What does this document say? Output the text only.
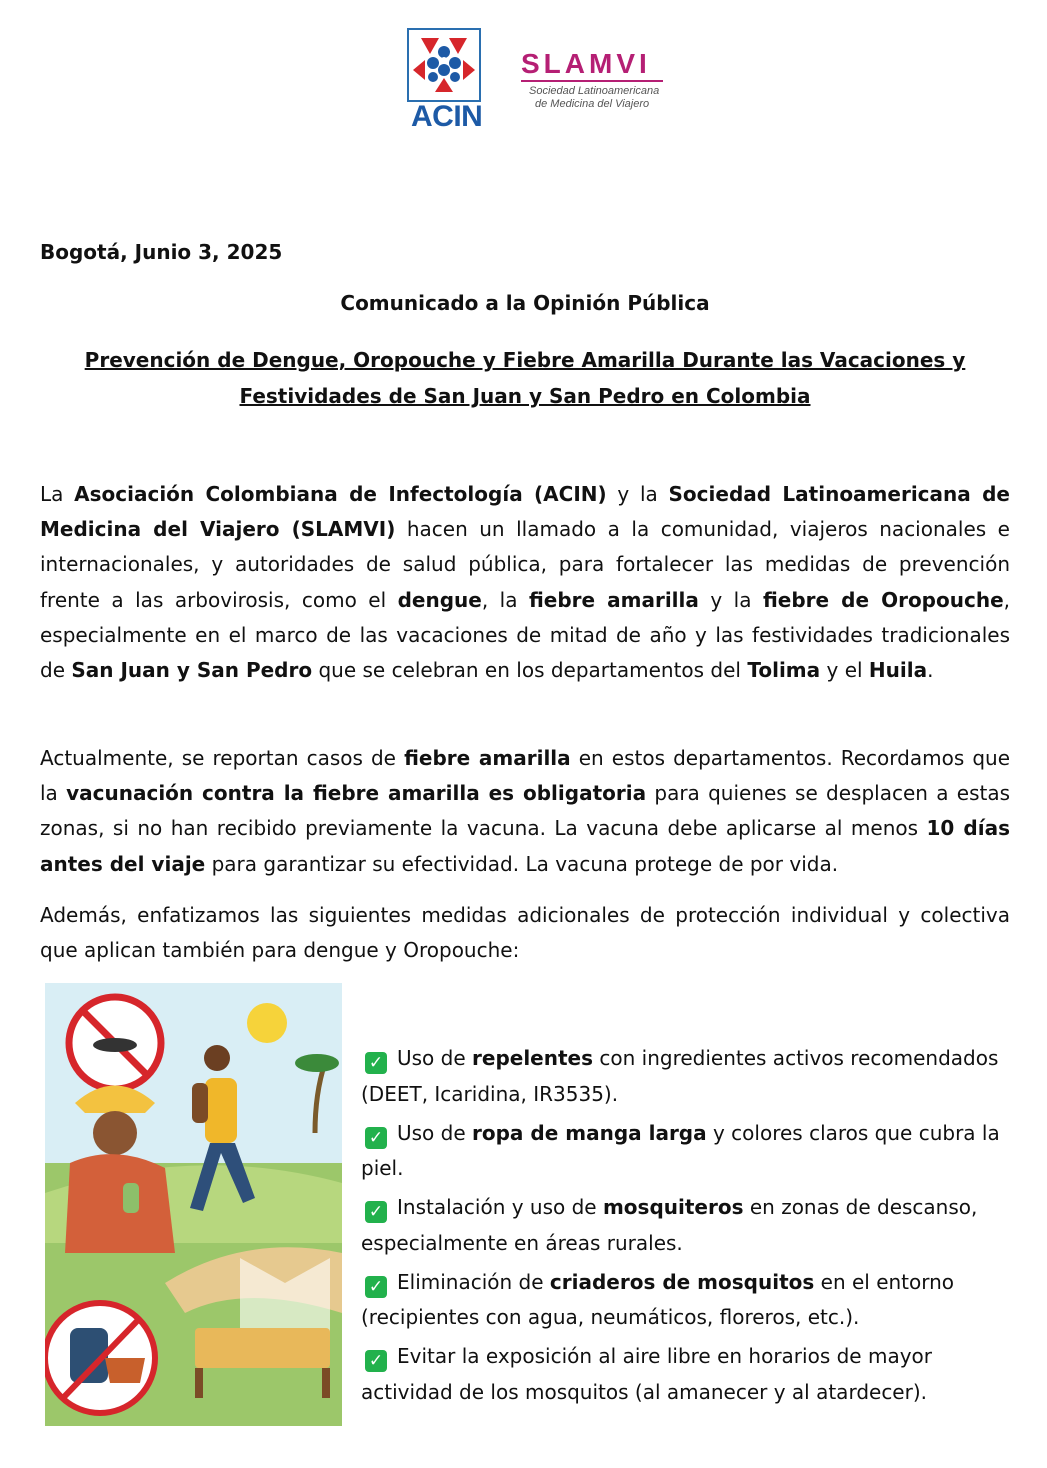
ACIN
SLAMVI
Sociedad Latinoamericana
de Medicina del Viajero
Bogotá, Junio 3, 2025
Comunicado a la Opinión Pública
Prevención de Dengue, Oropouche y Fiebre Amarilla Durante las Vacaciones y
Festividades de San Juan y San Pedro en Colombia
La Asociación Colombiana de Infectología (ACIN) y la Sociedad Latinoamericana de Medicina del Viajero (SLAMVI) hacen un llamado a la comunidad, viajeros nacionales e internacionales, y autoridades de salud pública, para fortalecer las medidas de prevención frente a las arbovirosis, como el dengue, la fiebre amarilla y la fiebre de Oropouche, especialmente en el marco de las vacaciones de mitad de año y las festividades tradicionales de San Juan y San Pedro que se celebran en los departamentos del Tolima y el Huila.
Actualmente, se reportan casos de fiebre amarilla en estos departamentos. Recordamos que la vacunación contra la fiebre amarilla es obligatoria para quienes se desplacen a estas zonas, si no han recibido previamente la vacuna. La vacuna debe aplicarse al menos 10 días antes del viaje para garantizar su efectividad. La vacuna protege de por vida.
Además, enfatizamos las siguientes medidas adicionales de protección individual y colectiva que aplican también para dengue y Oropouche:
✓ Uso de repelentes con ingredientes activos recomendados (DEET, Icaridina, IR3535).
✓ Uso de ropa de manga larga y colores claros que cubra la piel.
✓ Instalación y uso de mosquiteros en zonas de descanso, especialmente en áreas rurales.
✓ Eliminación de criaderos de mosquitos en el entorno (recipientes con agua, neumáticos, floreros, etc.).
✓ Evitar la exposición al aire libre en horarios de mayor actividad de los mosquitos (al amanecer y al atardecer).
